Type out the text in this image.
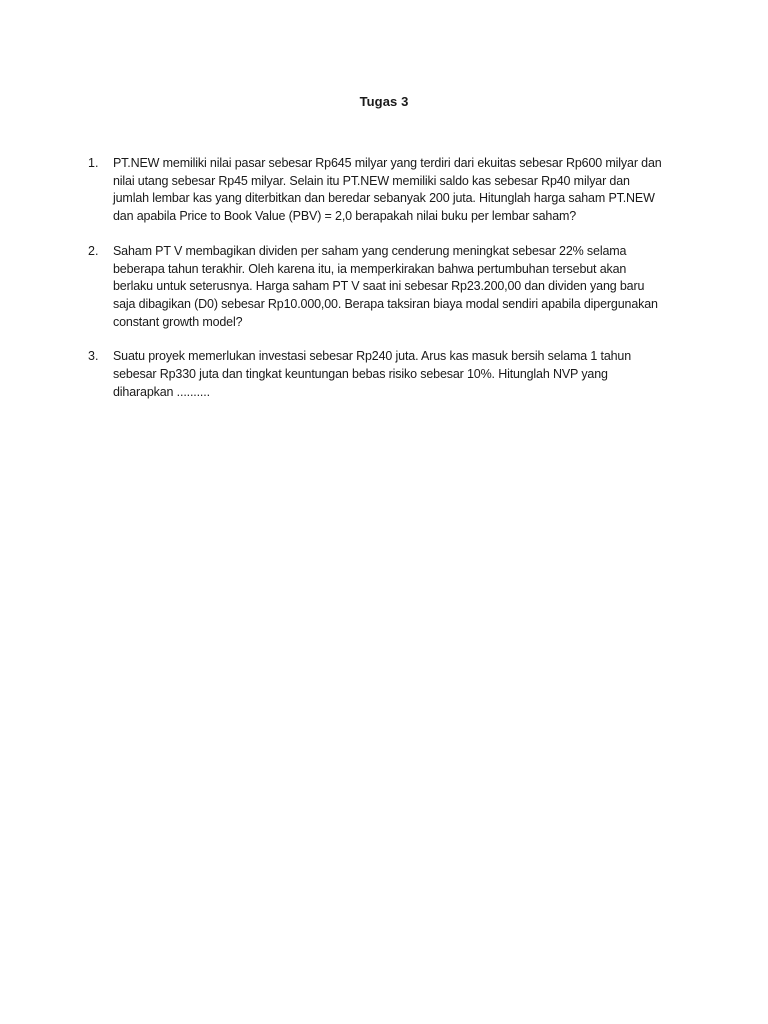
Tugas 3
1.	PT.NEW memiliki nilai pasar sebesar Rp645 milyar yang terdiri dari ekuitas sebesar Rp600 milyar dan
nilai utang sebesar Rp45 milyar. Selain itu PT.NEW memiliki saldo kas sebesar Rp40 milyar dan
jumlah lembar kas yang diterbitkan dan beredar sebanyak 200 juta. Hitunglah harga saham PT.NEW
dan apabila Price to Book Value (PBV) = 2,0 berapakah nilai buku per lembar saham?
2.	Saham PT V membagikan dividen per saham yang cenderung meningkat sebesar 22% selama
beberapa tahun terakhir. Oleh karena itu, ia memperkirakan bahwa pertumbuhan tersebut akan
berlaku untuk seterusnya. Harga saham PT V saat ini sebesar Rp23.200,00 dan dividen yang baru
saja dibagikan (D0) sebesar Rp10.000,00. Berapa taksiran biaya modal sendiri apabila dipergunakan
constant growth model?
3.	Suatu proyek memerlukan investasi sebesar Rp240 juta. Arus kas masuk bersih selama 1 tahun
sebesar Rp330 juta dan tingkat keuntungan bebas risiko sebesar 10%. Hitunglah NVP yang
diharapkan ..........
